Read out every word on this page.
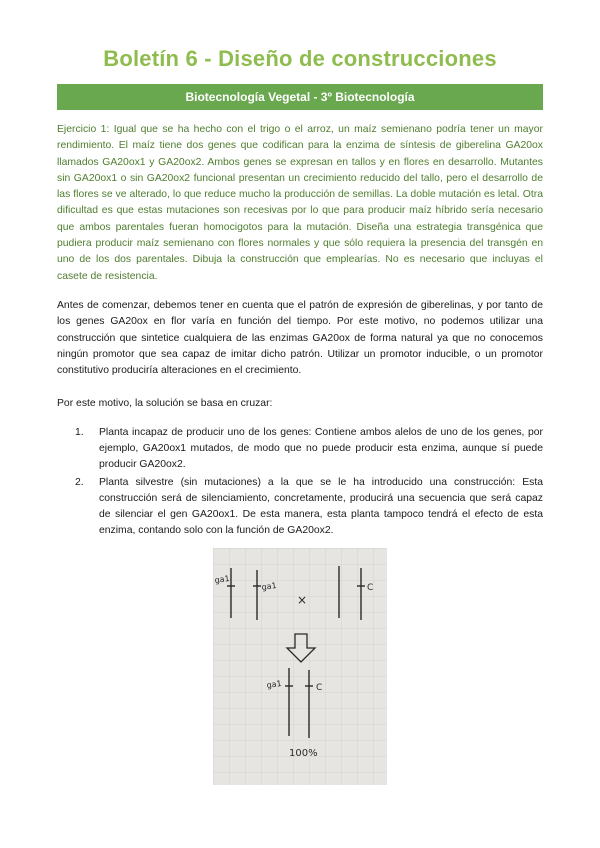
Boletín 6 - Diseño de construcciones
Biotecnología Vegetal - 3º Biotecnología

Ejercicio 1: Igual que se ha hecho con el trigo o el arroz, un maíz semienano podría tener un mayor rendimiento. El maíz tiene dos genes que codifican para la enzima de síntesis de giberelina GA20ox llamados GA20ox1 y GA20ox2. Ambos genes se expresan en tallos y en flores en desarrollo. Mutantes sin GA20ox1 o sin GA20ox2 funcional presentan un crecimiento reducido del tallo, pero el desarrollo de las flores se ve alterado, lo que reduce mucho la producción de semillas. La doble mutación es letal. Otra dificultad es que estas mutaciones son recesivas por lo que para producir maíz híbrido sería necesario que ambos parentales fueran homocigotos para la mutación. Diseña una estrategia transgénica que pudiera producir maíz semienano con flores normales y que sólo requiera la presencia del transgén en uno de los dos parentales. Dibuja la construcción que emplearías. No es necesario que incluyas el casete de resistencia.

Antes de comenzar, debemos tener en cuenta que el patrón de expresión de giberelinas, y por tanto de los genes GA20ox en flor varía en función del tiempo. Por este motivo, no podemos utilizar una construcción que sintetice cualquiera de las enzimas GA20ox de forma natural ya que no conocemos ningún promotor que sea capaz de imitar dicho patrón. Utilizar un promotor inducible, o un promotor constitutivo produciría alteraciones en el crecimiento.

Por este motivo, la solución se basa en cruzar:

1. Planta incapaz de producir uno de los genes: Contiene ambos alelos de uno de los genes, por ejemplo, GA20ox1 mutados, de modo que no puede producir esta enzima, aunque sí puede producir GA20ox2.
2. Planta silvestre (sin mutaciones) a la que se le ha introducido una construcción: Esta construcción será de silenciamiento, concretamente, producirá una secuencia que será capaz de silenciar el gen GA20ox1. De esta manera, esta planta tampoco tendrá el efecto de esta enzima, contando solo con la función de GA20ox2.
ga1
ga1
×
C
ga1	C
100%
